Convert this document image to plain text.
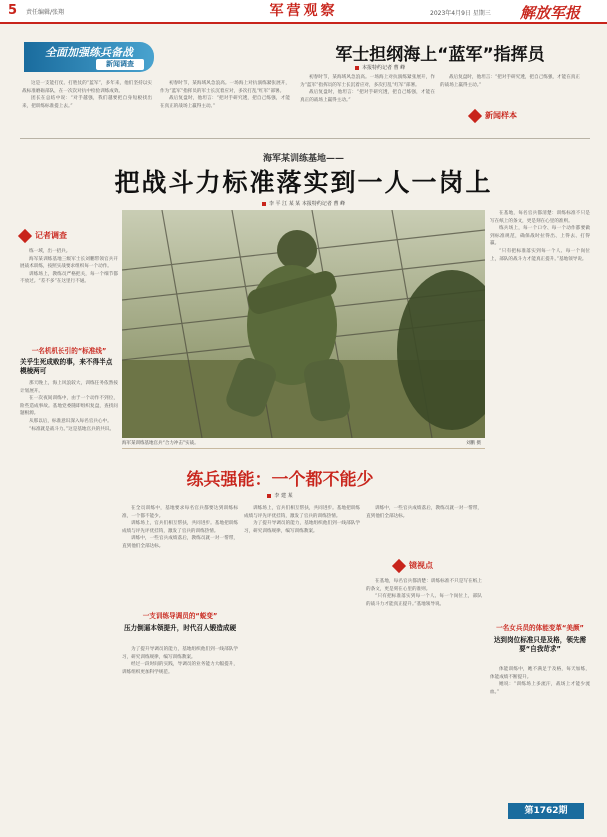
军营观察
5 责任编辑/张翔	2023年4月9日 星期三 解放军报
全面加强练兵备战
新闻调查

这是一支能打仗、打胜仗的“蓝军”，多年来，他们坚持以实战标准磨砺部队，在一次次对抗中检验训练成效。

团长在总结中说：“对手越强，我们越要把自身短板找出来，把训练标准提上去。”

初春时节，某海域风急浪高。一场海上对抗演练紧张展开，作为“蓝军”指挥员的军士长沉着应对，多次打乱“红军”部署。

战后复盘时，他坦言：“把对手研究透，把自己练强，才能在真正的战场上赢得主动。”

军士担纲海上“蓝军”指挥员
本报特约记者 曹 峰

初春时节，某海域风急浪高。一场海上对抗演练紧张展开，作为“蓝军”指挥员的军士长沉着应对，多次打乱“红军”部署。

战后复盘时，他坦言：“把对手研究透，把自己练强，才能在真正的战场上赢得主动。”

战后复盘时，他坦言：“把对手研究透，把自己练强，才能在真正的战场上赢得主动。”

新闻样本
海军某训练基地——
把战斗力标准落实到一人一岗上
李 平 江 某 某 本报特约记者 曹 峰
记者调查

练一域，出一招兵。

海军某训练基地三级军士长刘鹏带领官兵开展战术训练，按照实战要求组织每一个动作。

训练场上，教练员严格把关，每一个细节都不放过。“差不多”在这里行不通。

一名机机长引的“标准线”
关乎生死成败的事，来不得半点模棱两可

那天晚上，海上风浪较大，训练任务依然按计划展开。

在一次夜间训练中，由于一个动作不到位，险些造成事故。基地党委随即组织复盘，查找问题根源。

从那以后，标准意识深入每名官兵心中。

“标准就是战斗力。”这是基地官兵的共识。

海军某训练基地官兵“合力冲击”实战。	刘鹏 摄
练兵强能：一个都不能少
李 建 某

在全员训练中，基地要求每名官兵都要达到训练标准，一个都不能少。

训练场上，官兵们相互帮扶，共同进步。基地把训练成绩与评先评优挂钩，激发了官兵的训练热情。

训练中，一些官兵成绩落后，教练员就一对一帮带，直到他们全部达标。

一支训练导调员的“蜕变”
压力倒逼本领提升，时代召人锻造成硬

为了提升导调员的能力，基地组织他们到一线部队学习，研究训练规律，编写训练教案。

经过一段时间的实践，导调员的业务能力大幅提升，训练组织更加科学规范。

训练场上，官兵们相互帮扶，共同进步。基地把训练成绩与评先评优挂钩，激发了官兵的训练热情。

为了提升导调员的能力，基地组织他们到一线部队学习，研究训练规律，编写训练教案。

训练中，一些官兵成绩落后，教练员就一对一帮带，直到他们全部达标。

镜视点

在基地，每名官兵都清楚：训练标准不只是写在纸上的条文，更是刻在心里的准则。

“只有把标准落实到每一个人、每一个岗位上，部队的战斗力才能真正提升。”基地领导说。

在基地，每名官兵都清楚：训练标准不只是写在纸上的条文，更是刻在心里的准则。

练兵场上，每一个口令、每一个动作都要做到标准规范，确保战时拉得出、上得去、打得赢。

“只有把标准落实到每一个人、每一个岗位上，部队的战斗力才能真正提升。”基地领导说。

一名女兵员的体能变革“美颜”
达到岗位标准只是及格，领先需要“自我苛求”

体能训练中，她不满足于及格，每天加练，体能成绩不断提升。

她说：“训练场上多流汗，战场上才能少流血。”

第1762期
